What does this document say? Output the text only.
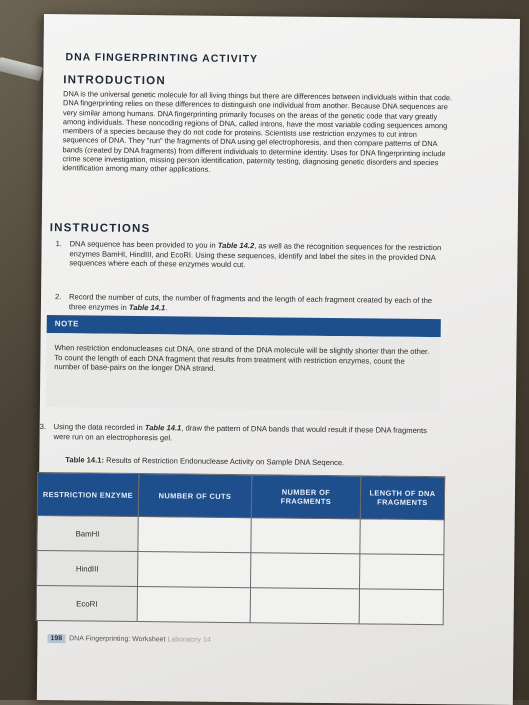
DNA FINGERPRINTING ACTIVITY
INTRODUCTION
DNA is the universal genetic molecule for all living things but there are differences between individuals within that code. DNA fingerprinting relies on these differences to distinguish one individual from another. Because DNA sequences are very similar among humans. DNA fingerprinting primarily focuses on the areas of the genetic code that vary greatly among individuals. These noncoding regions of DNA, called introns, have the most variable coding sequences among members of a species because they do not code for proteins. Scientists use restriction enzymes to cut intron sequences of DNA. They "run" the fragments of DNA using gel electrophoresis, and then compare patterns of DNA bands (created by DNA fragments) from different individuals to determine identity. Uses for DNA fingerprinting include crime scene investigation, missing person identification, paternity testing, diagnosing genetic disorders and species identification among many other applications.
INSTRUCTIONS
1. DNA sequence has been provided to you in Table 14.2, as well as the recognition sequences for the restriction enzymes BamHI, HindIII, and EcoRI. Using these sequences, identify and label the sites in the provided DNA sequences where each of these enzymes would cut.
2. Record the number of cuts, the number of fragments and the length of each fragment created by each of the three enzymes in Table 14.1.
NOTE
When restriction endonucleases cut DNA, one strand of the DNA molecule will be slightly shorter than the other. To count the length of each DNA fragment that results from treatment with restriction enzymes, count the number of base-pairs on the longer DNA strand.
3. Using the data recorded in Table 14.1, draw the pattern of DNA bands that would result if these DNA fragments were run on an electrophoresis gel.
Table 14.1: Results of Restriction Endonuclease Activity on Sample DNA Seqence.
RESTRICTION ENZYME	NUMBER OF CUTS	NUMBER OF FRAGMENTS	LENGTH OF DNA FRAGMENTS
BamHI			
HindIII			
EcoRI			
198 DNA Fingerprinting: Worksheet Laboratory 14
